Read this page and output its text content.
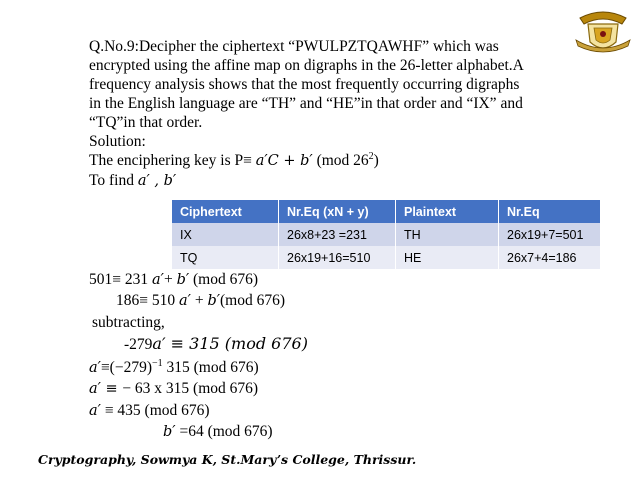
Q.No.9:Decipher the ciphertext “PWULPZTQAWHF” which was
encrypted using the affine map on digraphs in the 26-letter alphabet.A
frequency analysis shows that the most frequently occurring digraphs
in the English language are “TH” and “HE”in that order and “IX” and
“TQ”in that order.
Solution:
The enciphering key is P≡ a′C + b′ (mod $26^2$)
To find a′ , b′
Ciphertext	Nr.Eq (xN + y)	Plaintext	Nr.Eq
IX	26x8+23 =231	TH	26x19+7=501
TQ	26x19+16=510	HE	26x7+4=186
501≡ 231 a′+ b′ (mod 676)
186≡ 510 a′ + b′(mod 676)
subtracting,
-279a′ ≡ 315 (mod 676)
$a'\equiv(-279)^{-1}$ 315 (mod 676)
a′ ≡ − 63 x 315 (mod 676)
a′ ≡ 435 (mod 676)
b′ =64 (mod 676)
Cryptography, Sowmya K, St.Mary’s College, Thrissur.
